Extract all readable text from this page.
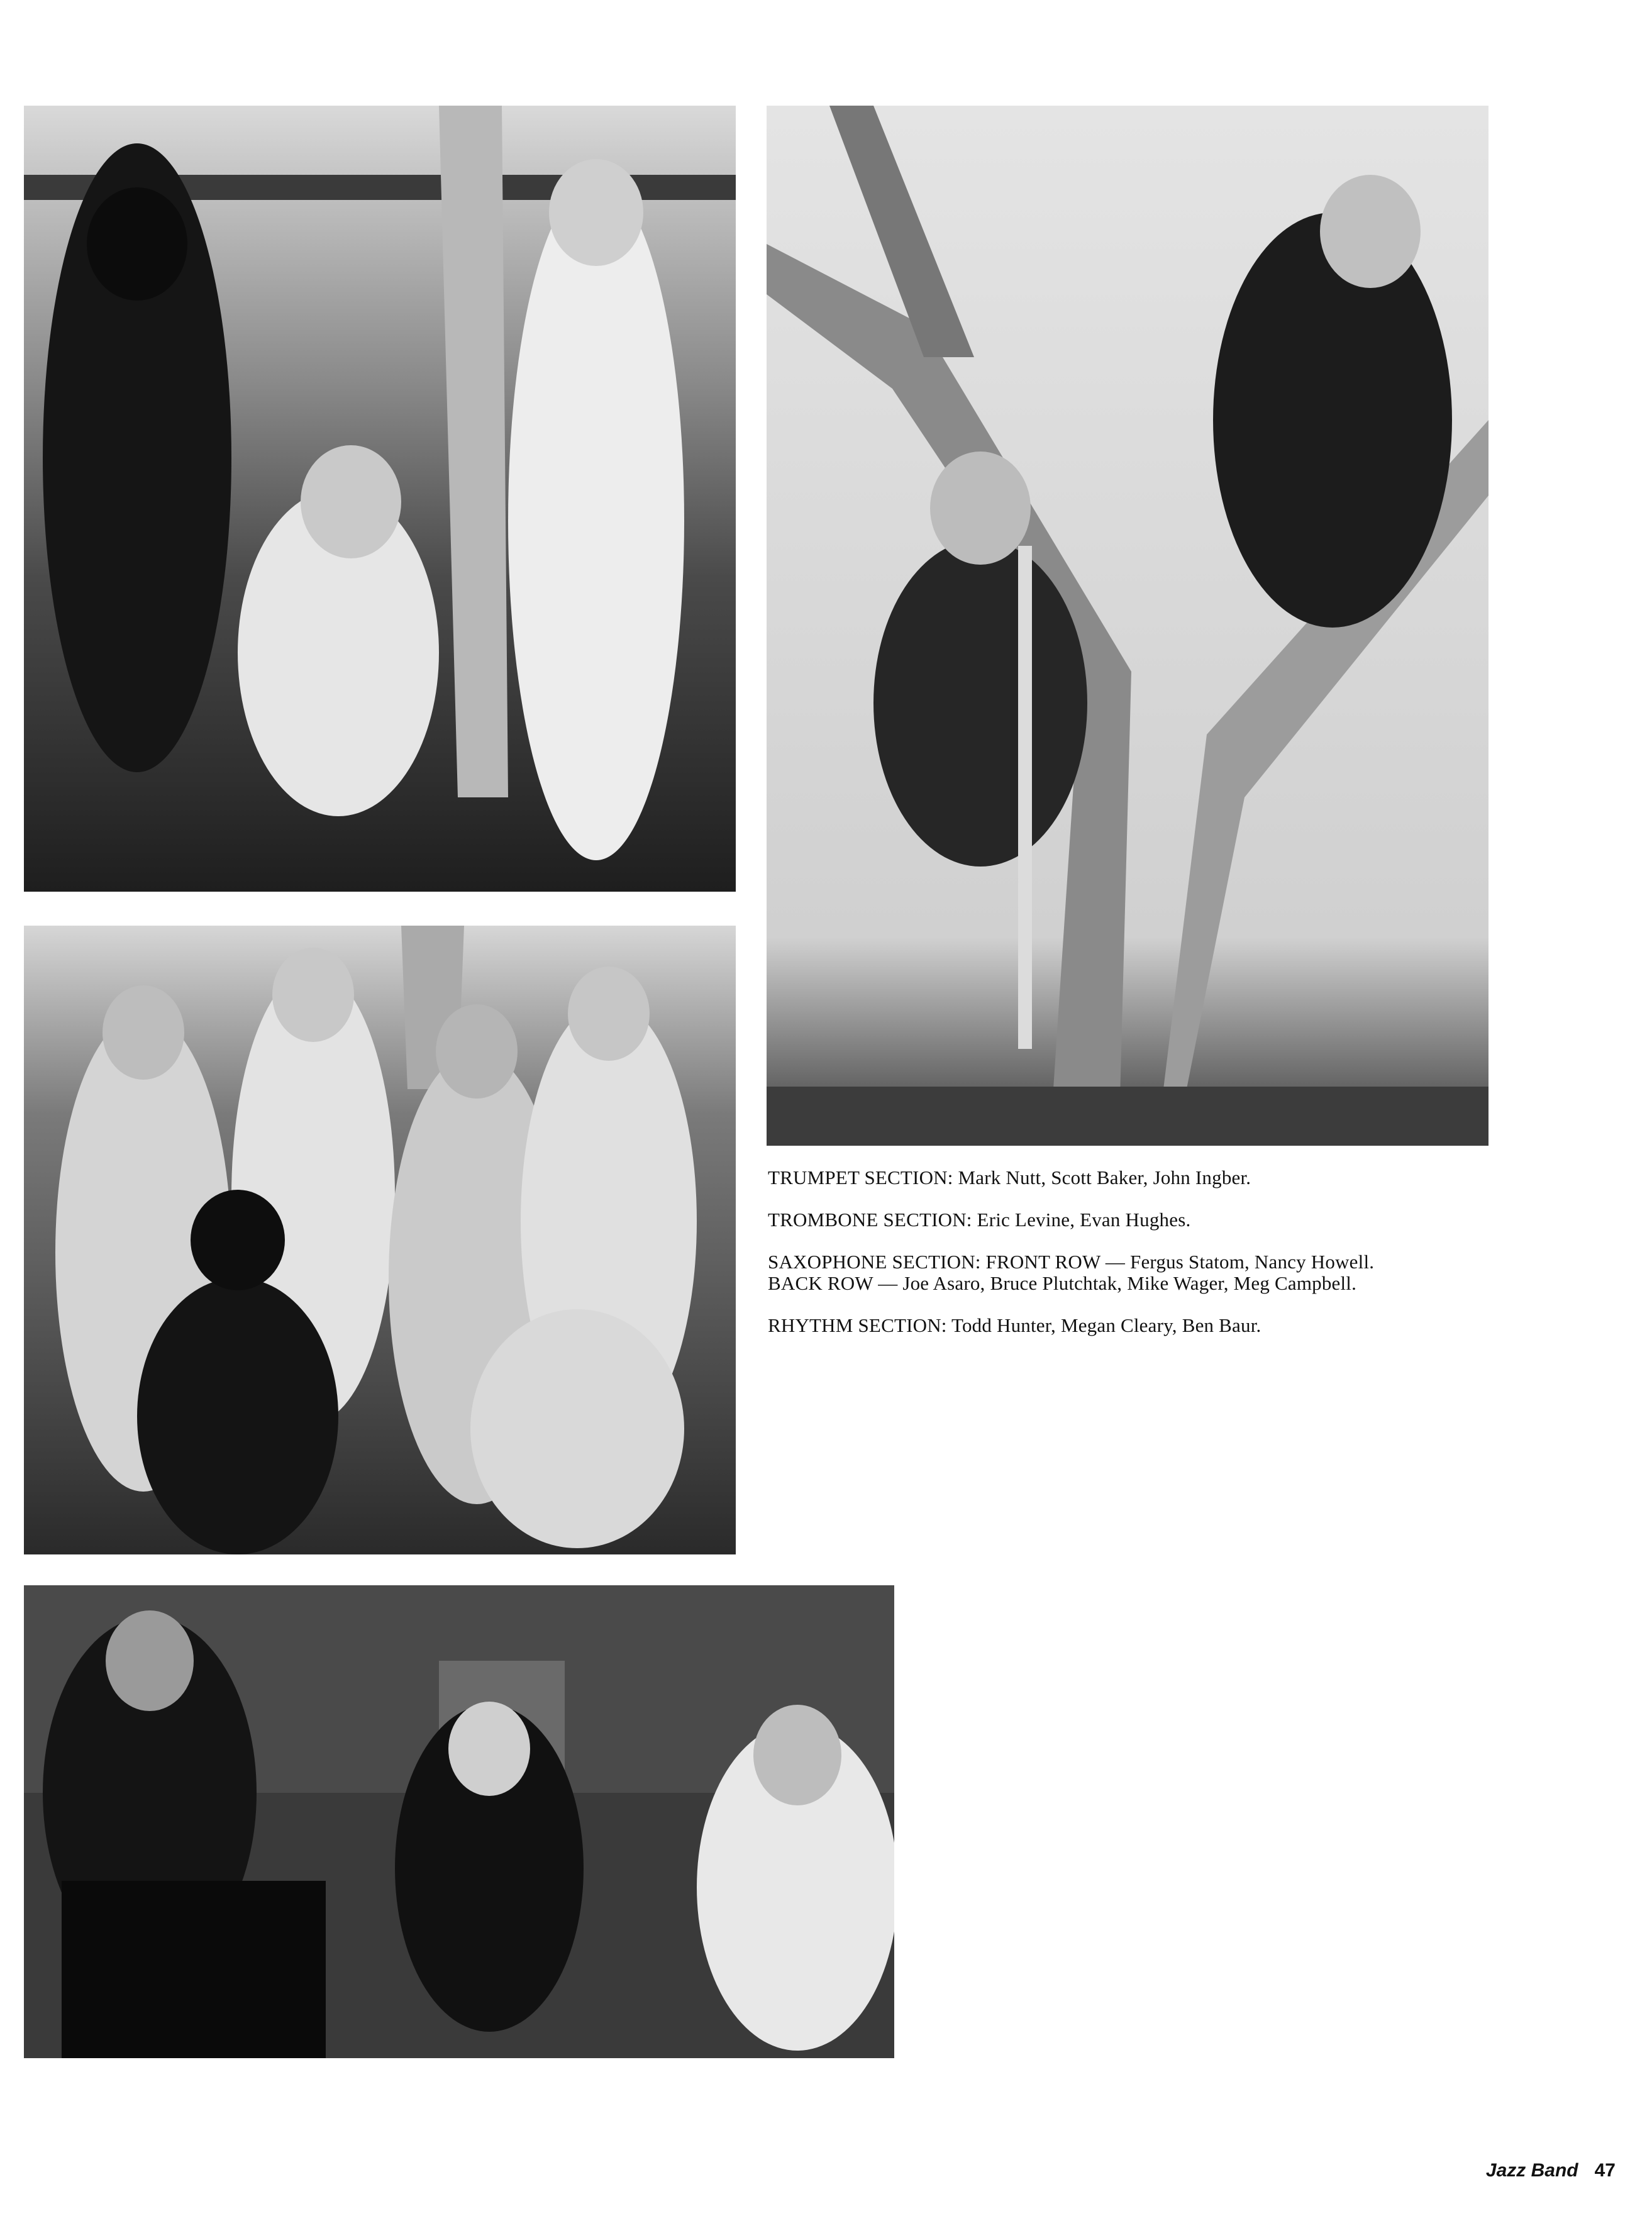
TRUMPET SECTION: Mark Nutt, Scott Baker, John Ingber.

TROMBONE SECTION: Eric Levine, Evan Hughes.

SAXOPHONE SECTION: FRONT ROW — Fergus Statom, Nancy Howell.
BACK ROW — Joe Asaro, Bruce Plutchtak, Mike Wager, Meg Campbell.

RHYTHM SECTION: Todd Hunter, Megan Cleary, Ben Baur.

Jazz Band 47
